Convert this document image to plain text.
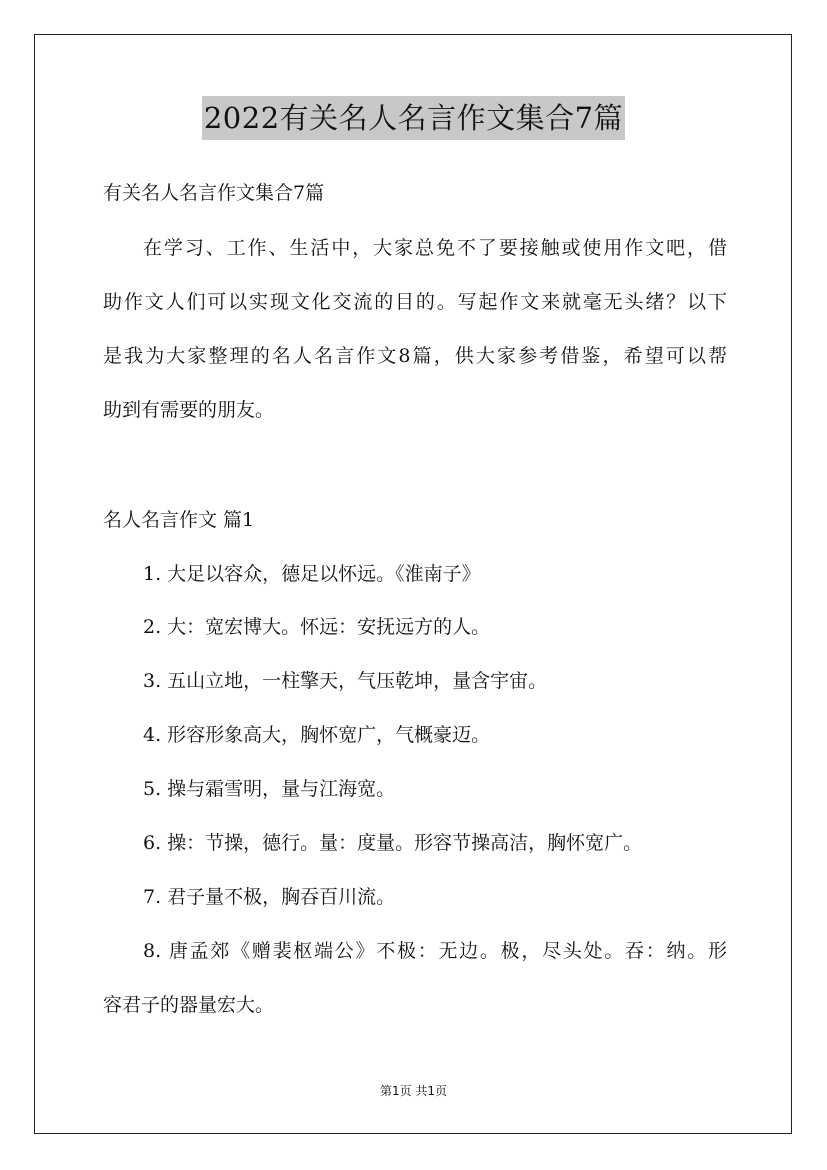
2022有关名人名言作文集合7篇
有关名人名言作文集合7篇
在学习、工作、生活中，大家总免不了要接触或使用作文吧，借
助作文人们可以实现文化交流的目的。写起作文来就毫无头绪？以下
是我为大家整理的名人名言作文8篇，供大家参考借鉴，希望可以帮
助到有需要的朋友。
名人名言作文 篇1
1. 大足以容众，德足以怀远。《淮南子》
2. 大：宽宏博大。怀远：安抚远方的人。
3. 五山立地，一柱擎天，气压乾坤，量含宇宙。
4. 形容形象高大，胸怀宽广，气概豪迈。
5. 操与霜雪明，量与江海宽。
6. 操：节操，德行。量：度量。形容节操高洁，胸怀宽广。
7. 君子量不极，胸吞百川流。
8. 唐孟郊《赠裴枢端公》不极：无边。极，尽头处。吞：纳。形
容君子的器量宏大。
第1页 共1页
